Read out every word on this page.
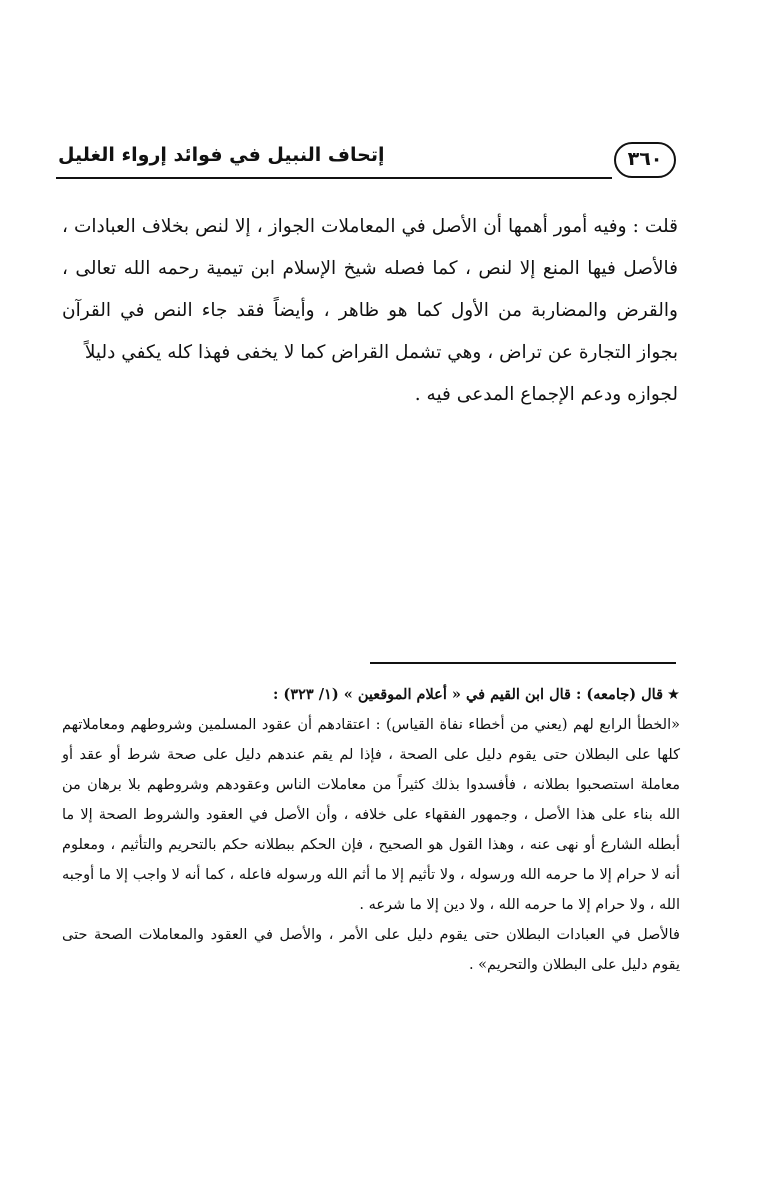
٣٦٠
إتحاف النبيل في فوائد إرواء الغليل

قلت : وفيه أمور أهمها أن الأصل في المعاملات الجواز ، إلا لنص بخلاف العبادات ، فالأصل فيها المنع إلا لنص ، كما فصله شيخ الإسلام ابن تيمية رحمه الله تعالى ، والقرض والمضاربة من الأول كما هو ظاهر ، وأيضاً فقد جاء النص في القرآن بجواز التجارة عن تراض ، وهي تشمل القراض كما لا يخفى فهذا كله يكفي دليلاً

لجوازه ودعم الإجماع المدعى فيه .

★قال (جامعه) : قال ابن القيم في « أعلام الموقعين » (١/ ٣٢٣) :

«الخطأ الرابع لهم (يعني من أخطاء نفاة القياس) : اعتقادهم أن عقود المسلمين وشروطهم ومعاملاتهم كلها على البطلان حتى يقوم دليل على الصحة ، فإذا لم يقم عندهم دليل على صحة شرط أو عقد أو معاملة استصحبوا بطلانه ، فأفسدوا بذلك كثيراً من معاملات الناس وعقودهم وشروطهم بلا برهان من الله بناء على هذا الأصل ، وجمهور الفقهاء على خلافه ، وأن الأصل في العقود والشروط الصحة إلا ما أبطله الشارع أو نهى عنه ، وهذا القول هو الصحيح ، فإن الحكم ببطلانه حكم بالتحريم والتأثيم ، ومعلوم أنه لا حرام إلا ما حرمه الله ورسوله ، ولا تأثيم إلا ما أثم الله ورسوله فاعله ، كما أنه لا واجب إلا ما أوجبه الله ، ولا حرام إلا ما حرمه الله ، ولا دين إلا ما شرعه .

فالأصل في العبادات البطلان حتى يقوم دليل على الأمر ، والأصل في العقود والمعاملات الصحة حتى يقوم دليل على البطلان والتحريم» .
